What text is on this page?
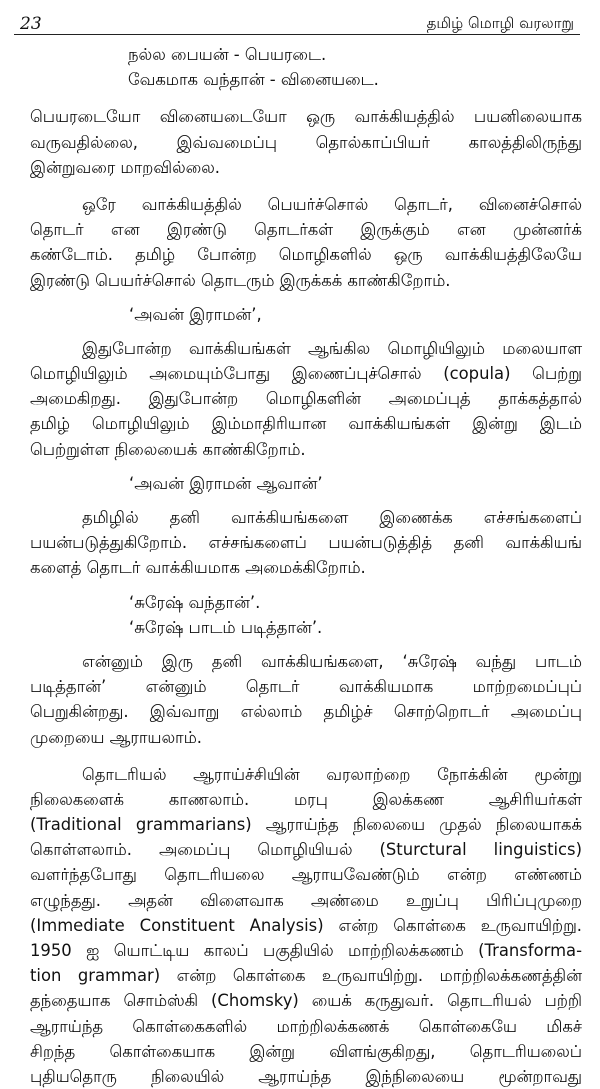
23	தமிழ் மொழி வரலாறு
நல்ல பையன் - பெயரடை.
வேகமாக வந்தான் - வினையடை.
பெயரடையோ வினையடையோ ஒரு வாக்கியத்தில் பயனிலையாக
வருவதில்லை, இவ்வமைப்பு தொல்காப்பியர் காலத்திலிருந்து
இன்றுவரை மாறவில்லை.
ஒரே வாக்கியத்தில் பெயர்ச்சொல் தொடர், வினைச்சொல்
தொடர் என இரண்டு தொடர்கள் இருக்கும் என முன்னர்க்
கண்டோம். தமிழ் போன்ற மொழிகளில் ஒரு வாக்கியத்திலேயே
இரண்டு பெயர்ச்சொல் தொடரும் இருக்கக் காண்கிறோம்.
‘அவன் இராமன்’,
இதுபோன்ற வாக்கியங்கள் ஆங்கில மொழியிலும் மலையாள
மொழியிலும் அமையும்போது இணைப்புச்சொல் (copula) பெற்று
அமைகிறது. இதுபோன்ற மொழிகளின் அமைப்புத் தாக்கத்தால்
தமிழ் மொழியிலும் இம்மாதிரியான வாக்கியங்கள் இன்று இடம்
பெற்றுள்ள நிலையைக் காண்கிறோம்.
‘அவன் இராமன் ஆவான்’
தமிழில் தனி வாக்கியங்களை இணைக்க எச்சங்களைப்
பயன்படுத்துகிறோம். எச்சங்களைப் பயன்படுத்தித் தனி வாக்கியங்
களைத் தொடர் வாக்கியமாக அமைக்கிறோம்.
‘சுரேஷ் வந்தான்’.
‘சுரேஷ் பாடம் படித்தான்’.
என்னும் இரு தனி வாக்கியங்களை, ‘சுரேஷ் வந்து பாடம்
படித்தான்’ என்னும் தொடர் வாக்கியமாக மாற்றமைப்புப்
பெறுகின்றது. இவ்வாறு எல்லாம் தமிழ்ச் சொற்றொடர் அமைப்பு
முறையை ஆராயலாம்.
தொடரியல் ஆராய்ச்சியின் வரலாற்றை நோக்கின் மூன்று
நிலைகளைக் காணலாம். மரபு இலக்கண ஆசிரியர்கள்
(Traditional grammarians) ஆராய்ந்த நிலையை முதல் நிலையாகக்
கொள்ளலாம். அமைப்பு மொழியியல் (Sturctural linguistics)
வளர்ந்தபோது தொடரியலை ஆராயவேண்டும் என்ற எண்ணம்
எழுந்தது. அதன் விளைவாக அண்மை உறுப்பு பிரிப்புமுறை
(Immediate Constituent Analysis) என்ற கொள்கை உருவாயிற்று.
1950 ஐ யொட்டிய காலப் பகுதியில் மாற்றிலக்கணம் (Transforma-
tion grammar) என்ற கொள்கை உருவாயிற்று. மாற்றிலக்கணத்தின்
தந்தையாக சொம்ஸ்கி (Chomsky) யைக் கருதுவர். தொடரியல் பற்றி
ஆராய்ந்த கொள்கைகளில் மாற்றிலக்கணக் கொள்கையே மிகச்
சிறந்த கொள்கையாக இன்று விளங்குகிறது, தொடரியலைப்
புதியதொரு நிலையில் ஆராய்ந்த இந்நிலையை மூன்றாவது
